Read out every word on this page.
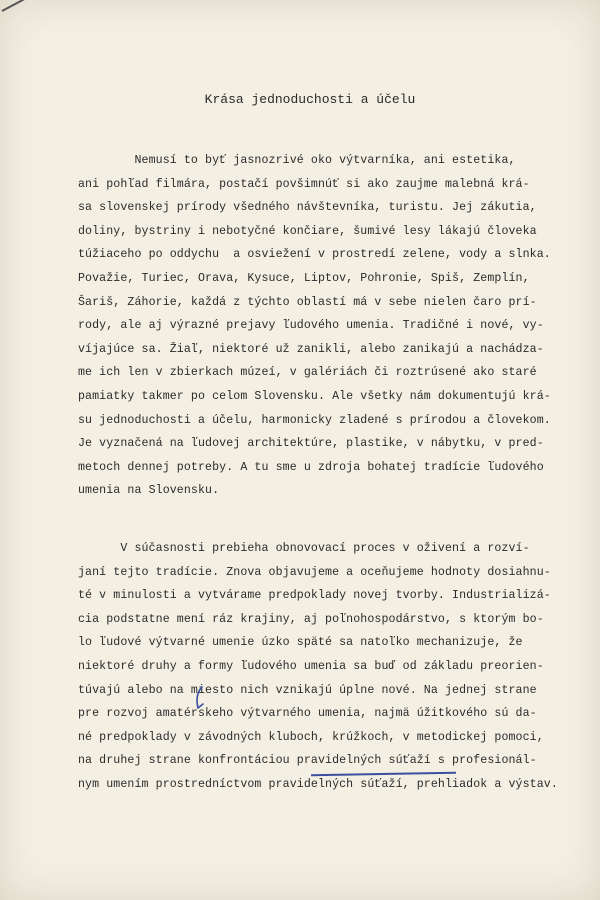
Krása jednoduchosti a účelu
Nemusí to byť jasnozrivé oko výtvarníka, ani estetika,
ani pohľad filmára, postačí povšimnúť si ako zaujme malebná krá-
sa slovenskej prírody všedného návštevníka, turistu. Jej zákutia,
doliny, bystriny i nebotyčné končiare, šumivé lesy lákajú človeka
túžiaceho po oddychu  a osviežení v prostredí zelene, vody a slnka.
Považie, Turiec, Orava, Kysuce, Liptov, Pohronie, Spiš, Zemplín,
Šariš, Záhorie, každá z týchto oblastí má v sebe nielen čaro prí-
rody, ale aj výrazné prejavy ľudového umenia. Tradičné i nové, vy-
víjajúce sa. Žiaľ, niektoré už zanikli, alebo zanikajú a nachádza-
me ich len v zbierkach múzeí, v galériách či roztrúsené ako staré
pamiatky takmer po celom Slovensku. Ale všetky nám dokumentujú krá-
su jednoduchosti a účelu, harmonicky zladené s prírodou a človekom.
Je vyznačená na ľudovej architektúre, plastike, v nábytku, v pred-
metoch dennej potreby. A tu sme u zdroja bohatej tradície ľudového
umenia na Slovensku.
V súčasnosti prebieha obnovovací proces v oživení a rozví-
janí tejto tradície. Znova objavujeme a oceňujeme hodnoty dosiahnu-
té v minulosti a vytvárame predpoklady novej tvorby. Industrializá-
cia podstatne mení ráz krajiny, aj poľnohospodárstvo, s ktorým bo-
lo ľudové výtvarné umenie úzko späté sa natoľko mechanizuje, že
niektoré druhy a formy ľudového umenia sa buď od základu preorien-
túvajú alebo na miesto nich vznikajú úplne nové. Na jednej strane
pre rozvoj amatérskeho výtvarného umenia, najmä úžitkového sú da-
né predpoklady v závodných kluboch, krúžkoch, v metodickej pomoci,
na druhej strane konfrontáciou pravidelných súťaží s profesionál-
nym umením prostredníctvom pravidelných súťaží, prehliadok a výstav.
